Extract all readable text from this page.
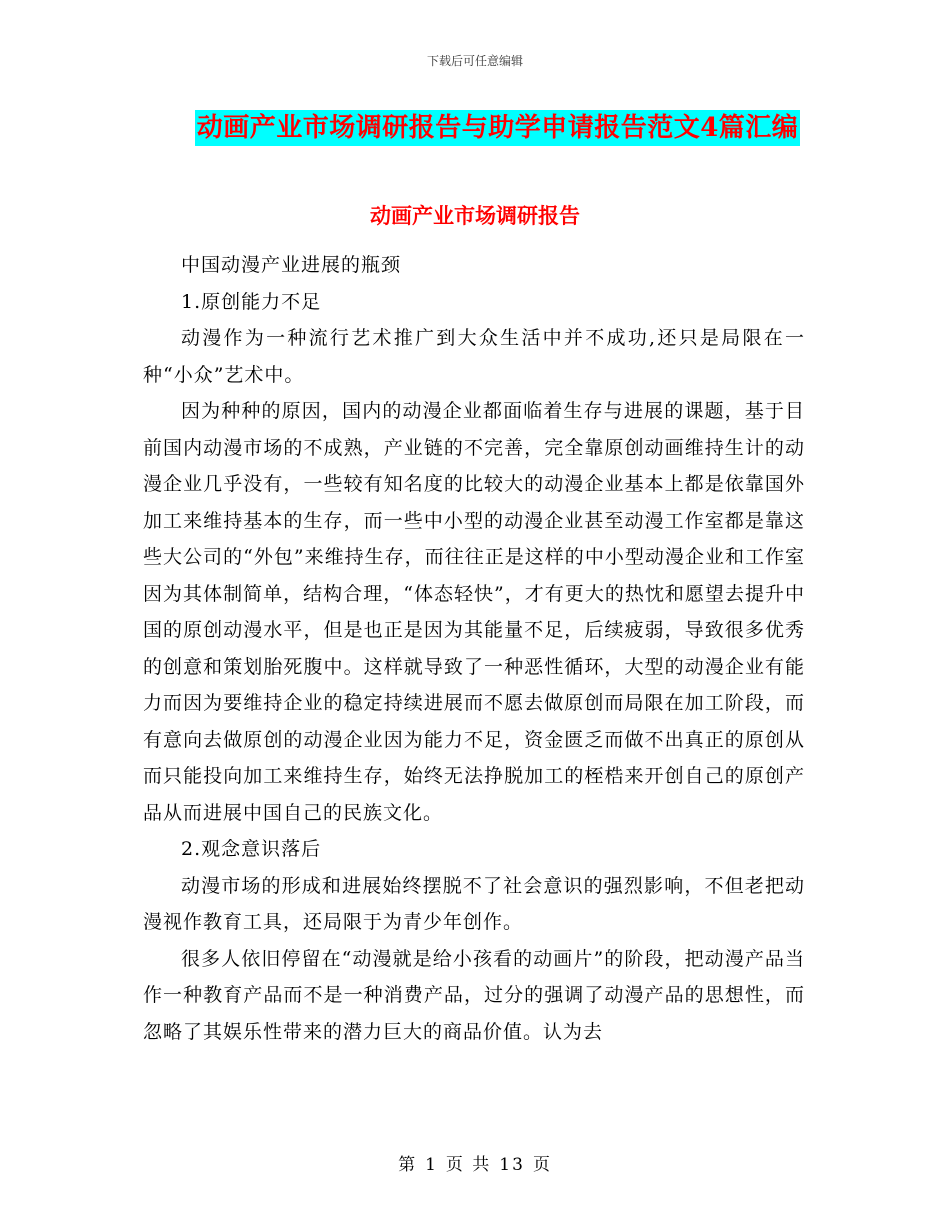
下载后可任意编辑
动画产业市场调研报告与助学申请报告范文4篇汇编
动画产业市场调研报告

中国动漫产业进展的瓶颈

1.原创能力不足

动漫作为一种流行艺术推广到大众生活中并不成功,还只是局限在一种“小众”艺术中。

因为种种的原因，国内的动漫企业都面临着生存与进展的课题，基于目前国内动漫市场的不成熟，产业链的不完善，完全靠原创动画维持生计的动漫企业几乎没有，一些较有知名度的比较大的动漫企业基本上都是依靠国外加工来维持基本的生存，而一些中小型的动漫企业甚至动漫工作室都是靠这些大公司的“外包”来维持生存，而往往正是这样的中小型动漫企业和工作室因为其体制简单，结构合理，“体态轻快”，才有更大的热忱和愿望去提升中国的原创动漫水平，但是也正是因为其能量不足，后续疲弱，导致很多优秀的创意和策划胎死腹中。这样就导致了一种恶性循环，大型的动漫企业有能力而因为要维持企业的稳定持续进展而不愿去做原创而局限在加工阶段，而有意向去做原创的动漫企业因为能力不足，资金匮乏而做不出真正的原创从而只能投向加工来维持生存，始终无法挣脱加工的桎梏来开创自己的原创产品从而进展中国自己的民族文化。

2.观念意识落后

动漫市场的形成和进展始终摆脱不了社会意识的强烈影响，不但老把动漫视作教育工具，还局限于为青少年创作。

很多人依旧停留在“动漫就是给小孩看的动画片”的阶段，把动漫产品当作一种教育产品而不是一种消费产品，过分的强调了动漫产品的思想性，而忽略了其娱乐性带来的潜力巨大的商品价值。认为去

第 1 页 共 13 页
